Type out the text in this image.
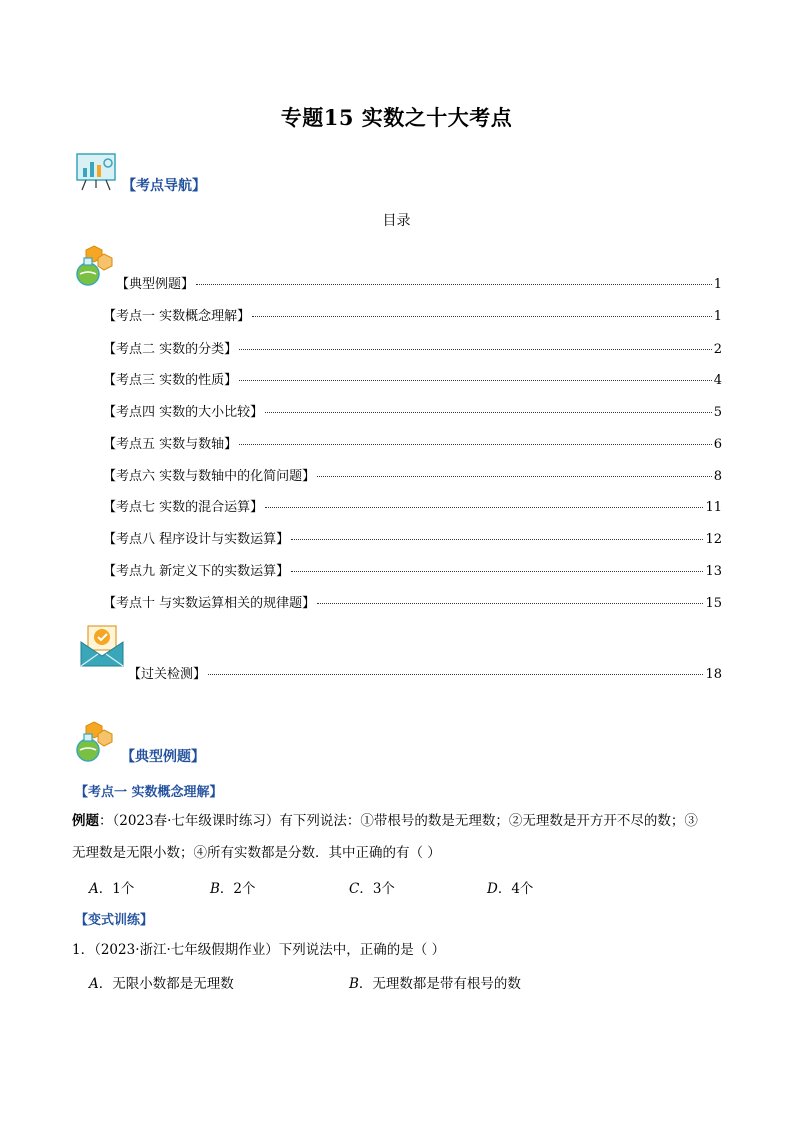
专题15 实数之十大考点
【考点导航】
目录
【典型例题】	1
【考点一 实数概念理解】	1
【考点二 实数的分类】	2
【考点三 实数的性质】	4
【考点四 实数的大小比较】	5
【考点五 实数与数轴】	6
【考点六 实数与数轴中的化简问题】	8
【考点七 实数的混合运算】	11
【考点八 程序设计与实数运算】	12
【考点九 新定义下的实数运算】	13
【考点十 与实数运算相关的规律题】	15
【过关检测】	18
【典型例题】
【考点一 实数概念理解】
例题：（2023春·七年级课时练习）有下列说法：①带根号的数是无理数；②无理数是开方开不尽的数；③
无理数是无限小数；④所有实数都是分数．其中正确的有（ ）
A．1个	B．2个	C．3个	D．4个
【变式训练】
1．（2023·浙江·七年级假期作业）下列说法中，正确的是（ ）
A．无限小数都是无理数	B．无理数都是带有根号的数
